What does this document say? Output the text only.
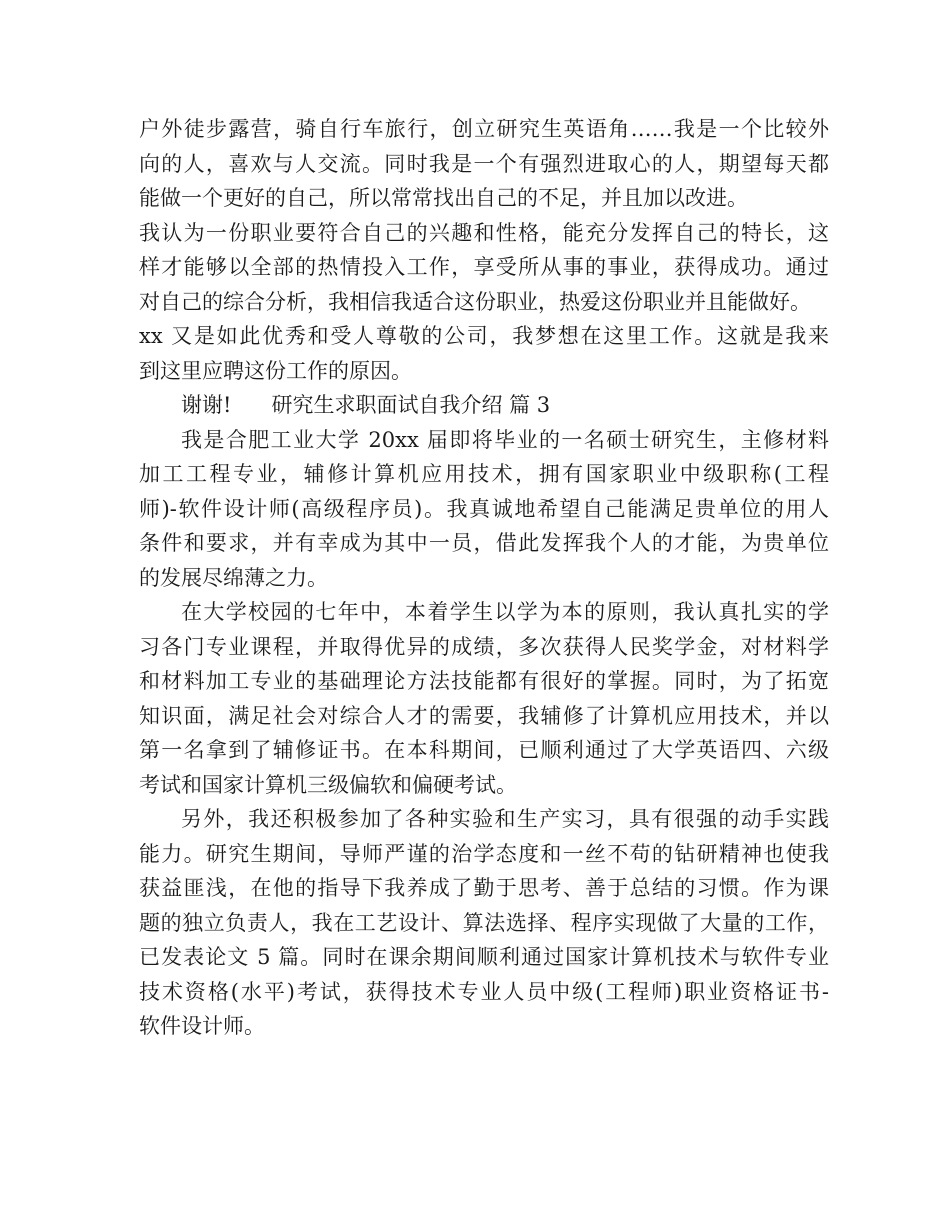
户外徒步露营，骑自行车旅行，创立研究生英语角……我是一个比较外
向的人，喜欢与人交流。同时我是一个有强烈进取心的人，期望每天都
能做一个更好的自己，所以常常找出自己的不足，并且加以改进。
我认为一份职业要符合自己的兴趣和性格，能充分发挥自己的特长，这
样才能够以全部的热情投入工作，享受所从事的事业，获得成功。通过
对自己的综合分析，我相信我适合这份职业，热爱这份职业并且能做好。
xx 又是如此优秀和受人尊敬的公司，我梦想在这里工作。这就是我来
到这里应聘这份工作的原因。
谢谢! 研究生求职面试自我介绍 篇 3
我是合肥工业大学 20xx 届即将毕业的一名硕士研究生，主修材料
加工工程专业，辅修计算机应用技术，拥有国家职业中级职称(工程
师)-软件设计师(高级程序员)。我真诚地希望自己能满足贵单位的用人
条件和要求，并有幸成为其中一员，借此发挥我个人的才能，为贵单位
的发展尽绵薄之力。
在大学校园的七年中，本着学生以学为本的原则，我认真扎实的学
习各门专业课程，并取得优异的成绩，多次获得人民奖学金，对材料学
和材料加工专业的基础理论方法技能都有很好的掌握。同时，为了拓宽
知识面，满足社会对综合人才的需要，我辅修了计算机应用技术，并以
第一名拿到了辅修证书。在本科期间，已顺利通过了大学英语四、六级
考试和国家计算机三级偏软和偏硬考试。
另外，我还积极参加了各种实验和生产实习，具有很强的动手实践
能力。研究生期间，导师严谨的治学态度和一丝不苟的钻研精神也使我
获益匪浅，在他的指导下我养成了勤于思考、善于总结的习惯。作为课
题的独立负责人，我在工艺设计、算法选择、程序实现做了大量的工作，
已发表论文 5 篇。同时在课余期间顺利通过国家计算机技术与软件专业
技术资格(水平)考试，获得技术专业人员中级(工程师)职业资格证书-
软件设计师。
